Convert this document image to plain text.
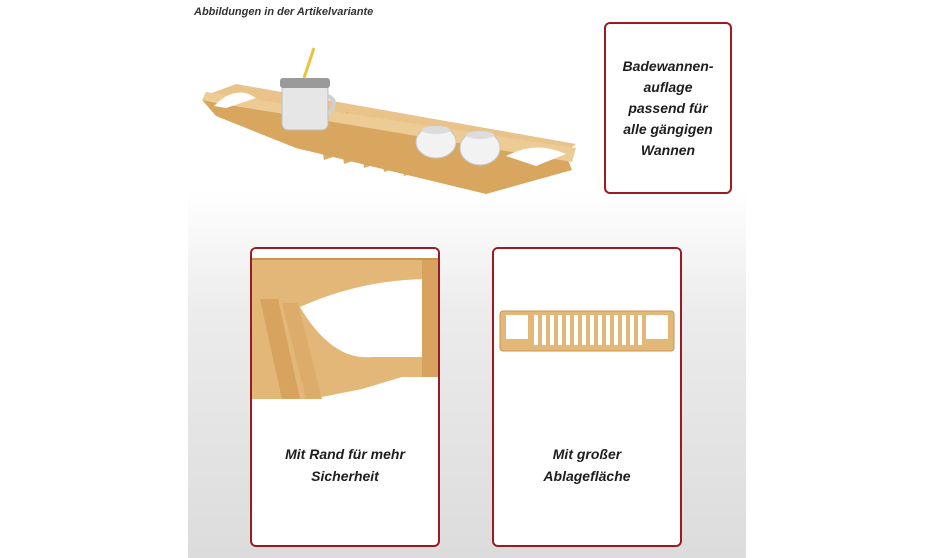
Abbildungen in der Artikelvariante
Badewannen-
auflage
passend für
alle gängigen
Wannen
Mit Rand für mehr
Sicherheit
Mit großer
Ablagefläche
